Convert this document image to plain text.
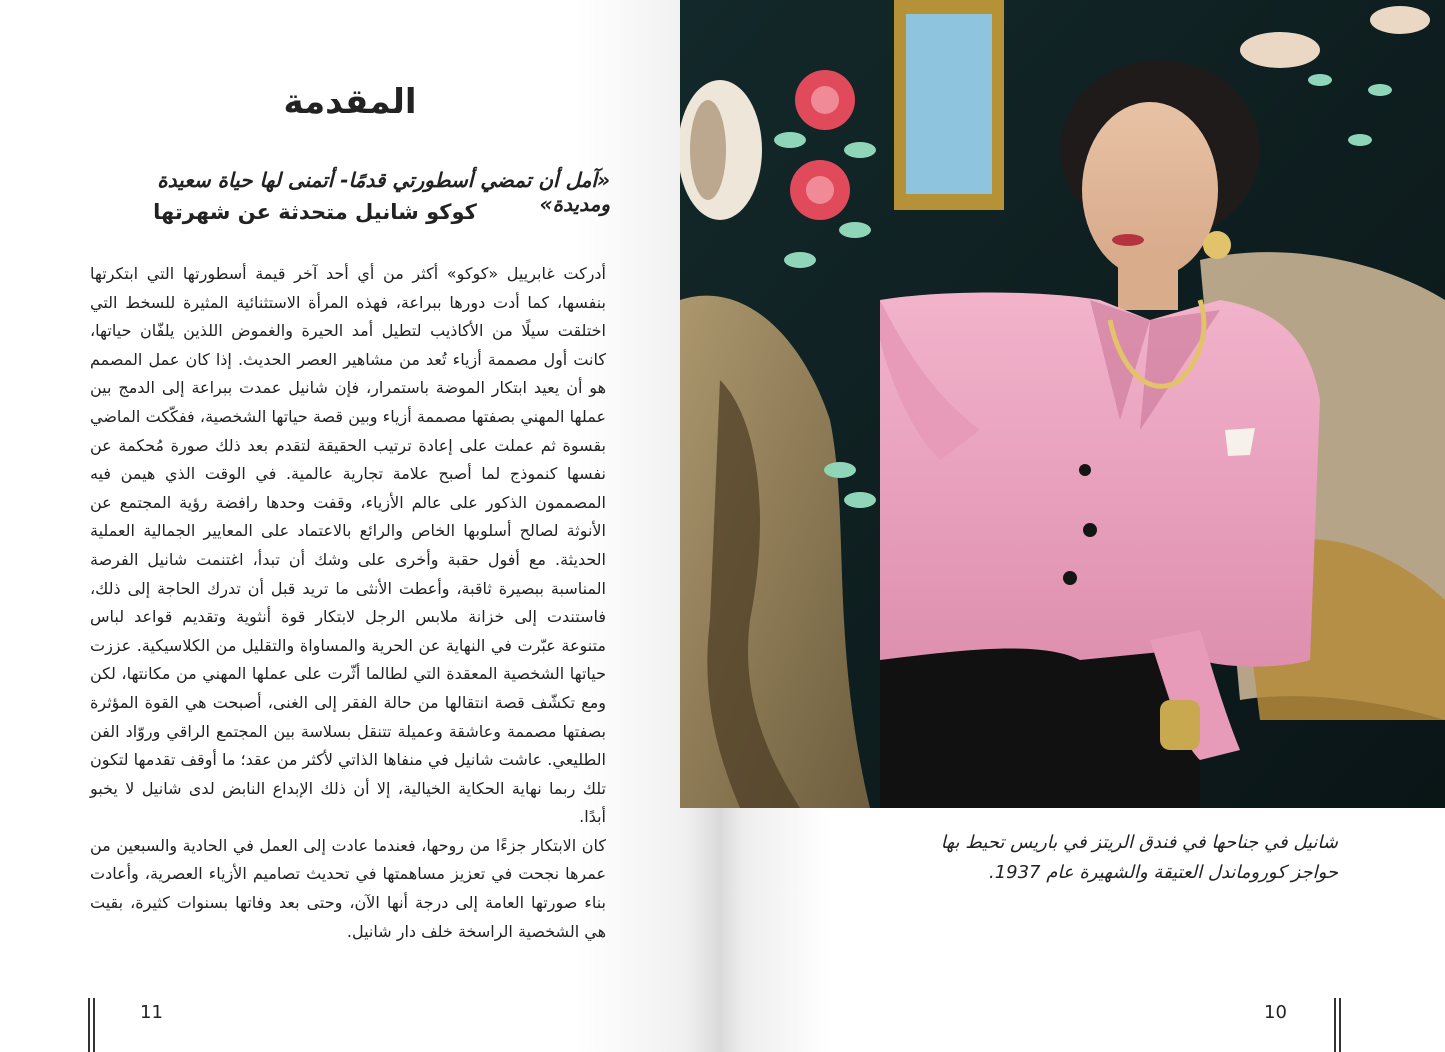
المقدمة
«آمل أن تمضي أسطورتي قدمًا- أتمنى لها حياة سعيدة ومديدة»
كوكو شانيل متحدثة عن شهرتها

أدركت غابرييل «كوكو» أكثر من أي أحد آخر قيمة أسطورتها التي ابتكرتها بنفسها، كما أدت دورها ببراعة، فهذه المرأة الاستثنائية المثيرة للسخط التي اختلقت سيلًا من الأكاذيب لتطيل أمد الحيرة والغموض اللذين يلفّان حياتها، كانت أول مصممة أزياء تُعد من مشاهير العصر الحديث. إذا كان عمل المصمم هو أن يعيد ابتكار الموضة باستمرار، فإن شانيل عمدت ببراعة إلى الدمج بين عملها المهني بصفتها مصممة أزياء وبين قصة حياتها الشخصية، ففكّكت الماضي بقسوة ثم عملت على إعادة ترتيب الحقيقة لتقدم بعد ذلك صورة مُحكمة عن نفسها كنموذج لما أصبح علامة تجارية عالمية. في الوقت الذي هيمن فيه المصممون الذكور على عالم الأزياء، وقفت وحدها رافضة رؤية المجتمع عن الأنوثة لصالح أسلوبها الخاص والرائع بالاعتماد على المعايير الجمالية العملية الحديثة. مع أفول حقبة وأخرى على وشك أن تبدأ، اغتنمت شانيل الفرصة المناسبة ببصيرة ثاقبة، وأعطت الأنثى ما تريد قبل أن تدرك الحاجة إلى ذلك، فاستندت إلى خزانة ملابس الرجل لابتكار قوة أنثوية وتقديم قواعد لباس متنوعة عبّرت في النهاية عن الحرية والمساواة والتقليل من الكلاسيكية. عززت حياتها الشخصية المعقدة التي لطالما أثّرت على عملها المهني من مكانتها، لكن ومع تكشّف قصة انتقالها من حالة الفقر إلى الغنى، أصبحت هي القوة المؤثرة بصفتها مصممة وعاشقة وعميلة تتنقل بسلاسة بين المجتمع الراقي وروّاد الفن الطليعي. عاشت شانيل في منفاها الذاتي لأكثر من عقد؛ ما أوقف تقدمها لتكون تلك ربما نهاية الحكاية الخيالية، إلا أن ذلك الإبداع النابض لدى شانيل لا يخبو أبدًا.

كان الابتكار جزءًا من روحها، فعندما عادت إلى العمل في الحادية والسبعين من عمرها نجحت في تعزيز مساهمتها في تحديث تصاميم الأزياء العصرية، وأعادت بناء صورتها العامة إلى درجة أنها الآن، وحتى بعد وفاتها بسنوات كثيرة، بقيت هي الشخصية الراسخة خلف دار شانيل.

11
شانيل في جناحها في فندق الريتز في باريس تحيط بها حواجز كوروماندل العتيقة والشهيرة عام 1937.
10
